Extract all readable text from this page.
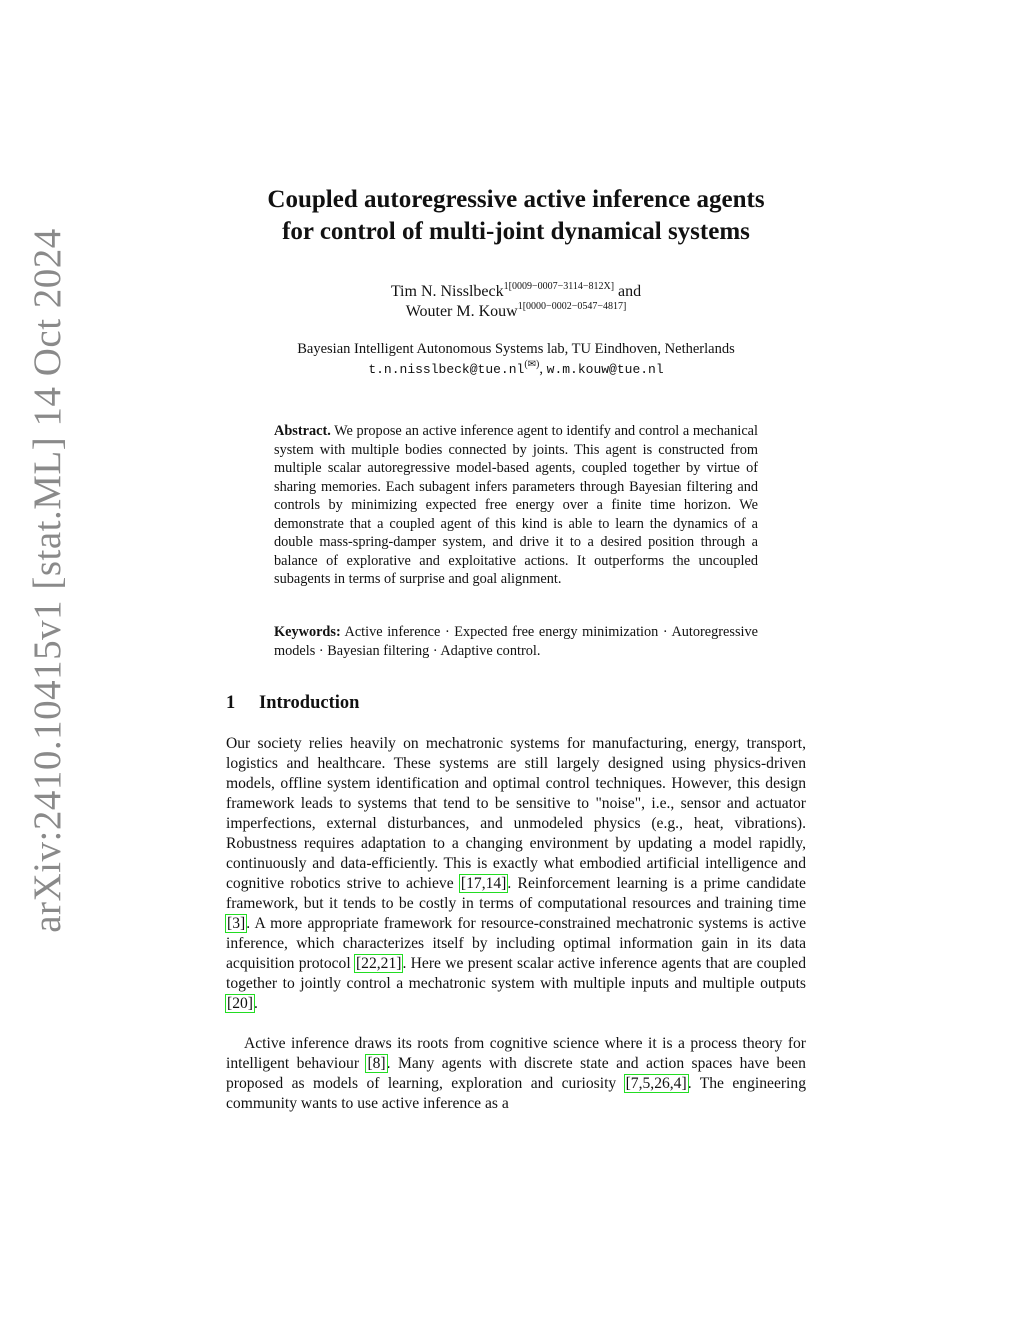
arXiv:2410.10415v1 [stat.ML] 14 Oct 2024
Coupled autoregressive active inference agents
for control of multi-joint dynamical systems
Tim N. Nisslbeck$^{1[0009-0007-3114-812X]}$ and
Wouter M. Kouw$^{1[0000-0002-0547-4817]}$
Bayesian Intelligent Autonomous Systems lab, TU Eindhoven, Netherlands
t.n.nisslbeck@tue.nl(✉), w.m.kouw@tue.nl

Abstract. We propose an active inference agent to identify and control a mechanical system with multiple bodies connected by joints. This agent is constructed from multiple scalar autoregressive model-based agents, coupled together by virtue of sharing memories. Each subagent infers parameters through Bayesian filtering and controls by minimizing expected free energy over a finite time horizon. We demonstrate that a coupled agent of this kind is able to learn the dynamics of a double mass-spring-damper system, and drive it to a desired position through a balance of explorative and exploitative actions. It outperforms the uncoupled subagents in terms of surprise and goal alignment.

Keywords: Active inference · Expected free energy minimization · Autoregressive models · Bayesian filtering · Adaptive control.

1 Introduction

Our society relies heavily on mechatronic systems for manufacturing, energy, transport, logistics and healthcare. These systems are still largely designed using physics-driven models, offline system identification and optimal control techniques. However, this design framework leads to systems that tend to be sensitive to "noise", i.e., sensor and actuator imperfections, external disturbances, and unmodeled physics (e.g., heat, vibrations). Robustness requires adaptation to a changing environment by updating a model rapidly, continuously and data-efficiently. This is exactly what embodied artificial intelligence and cognitive robotics strive to achieve [17,14]. Reinforcement learning is a prime candidate framework, but it tends to be costly in terms of computational resources and training time [3]. A more appropriate framework for resource-constrained mechatronic systems is active inference, which characterizes itself by including optimal information gain in its data acquisition protocol [22,21]. Here we present scalar active inference agents that are coupled together to jointly control a mechatronic system with multiple inputs and multiple outputs [20].

Active inference draws its roots from cognitive science where it is a process theory for intelligent behaviour [8]. Many agents with discrete state and action spaces have been proposed as models of learning, exploration and curiosity [7,5,26,4]. The engineering community wants to use active inference as a
